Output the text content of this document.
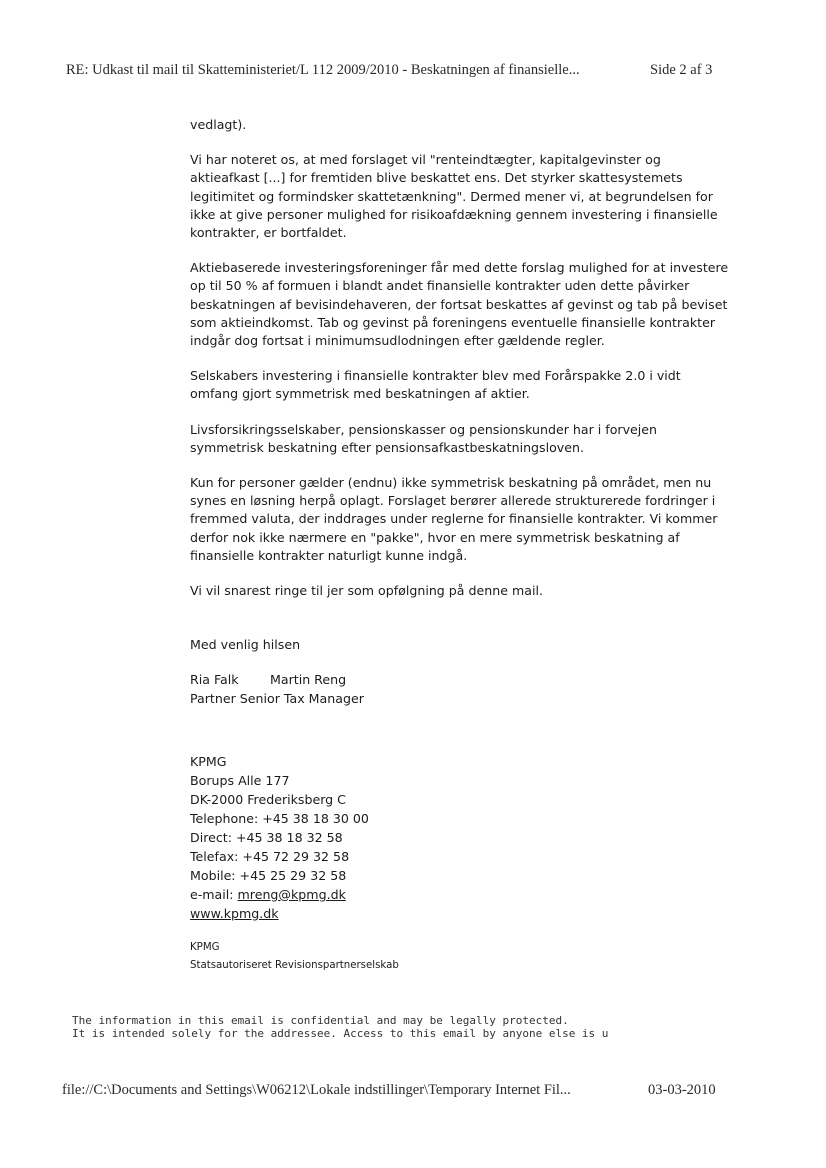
RE: Udkast til mail til Skatteministeriet/L 112 2009/2010 - Beskatningen af finansielle...	Side 2 af 3

vedlagt).

Vi har noteret os, at med forslaget vil "renteindtægter, kapitalgevinster og aktieafkast [...] for fremtiden blive beskattet ens. Det styrker skattesystemets legitimitet og formindsker skattetænkning". Dermed mener vi, at begrundelsen for ikke at give personer mulighed for risikoafdækning gennem investering i finansielle kontrakter, er bortfaldet.

Aktiebaserede investeringsforeninger får med dette forslag mulighed for at investere op til 50 % af formuen i blandt andet finansielle kontrakter uden dette påvirker beskatningen af bevisindehaveren, der fortsat beskattes af gevinst og tab på beviset som aktieindkomst. Tab og gevinst på foreningens eventuelle finansielle kontrakter indgår dog fortsat i minimumsudlodningen efter gældende regler.

Selskabers investering i finansielle kontrakter blev med Forårspakke 2.0 i vidt omfang gjort symmetrisk med beskatningen af aktier.

Livsforsikringsselskaber, pensionskasser og pensionskunder har i forvejen symmetrisk beskatning efter pensionsafkastbeskatningsloven.

Kun for personer gælder (endnu) ikke symmetrisk beskatning på området, men nu synes en løsning herpå oplagt. Forslaget berører allerede strukturerede fordringer i fremmed valuta, der inddrages under reglerne for finansielle kontrakter. Vi kommer derfor nok ikke nærmere en "pakke", hvor en mere symmetrisk beskatning af finansielle kontrakter naturligt kunne indgå.

Vi vil snarest ringe til jer som opfølgning på denne mail.

Med venlig hilsen

Ria Falk Martin Reng

Partner Senior Tax Manager

KPMG

Borups Alle 177

DK-2000 Frederiksberg C

Telephone: +45 38 18 30 00

Direct: +45 38 18 32 58

Telefax: +45 72 29 32 58

Mobile: +45 25 29 32 58

e-mail: mreng@kpmg.dk

www.kpmg.dk

KPMG

Statsautoriseret Revisionspartnerselskab

The information in this email is confidential and may be legally protected.
It is intended solely for the addressee. Access to this email by anyone else is u
file://C:\Documents and Settings\W06212\Lokale indstillinger\Temporary Internet Fil...	03-03-2010
